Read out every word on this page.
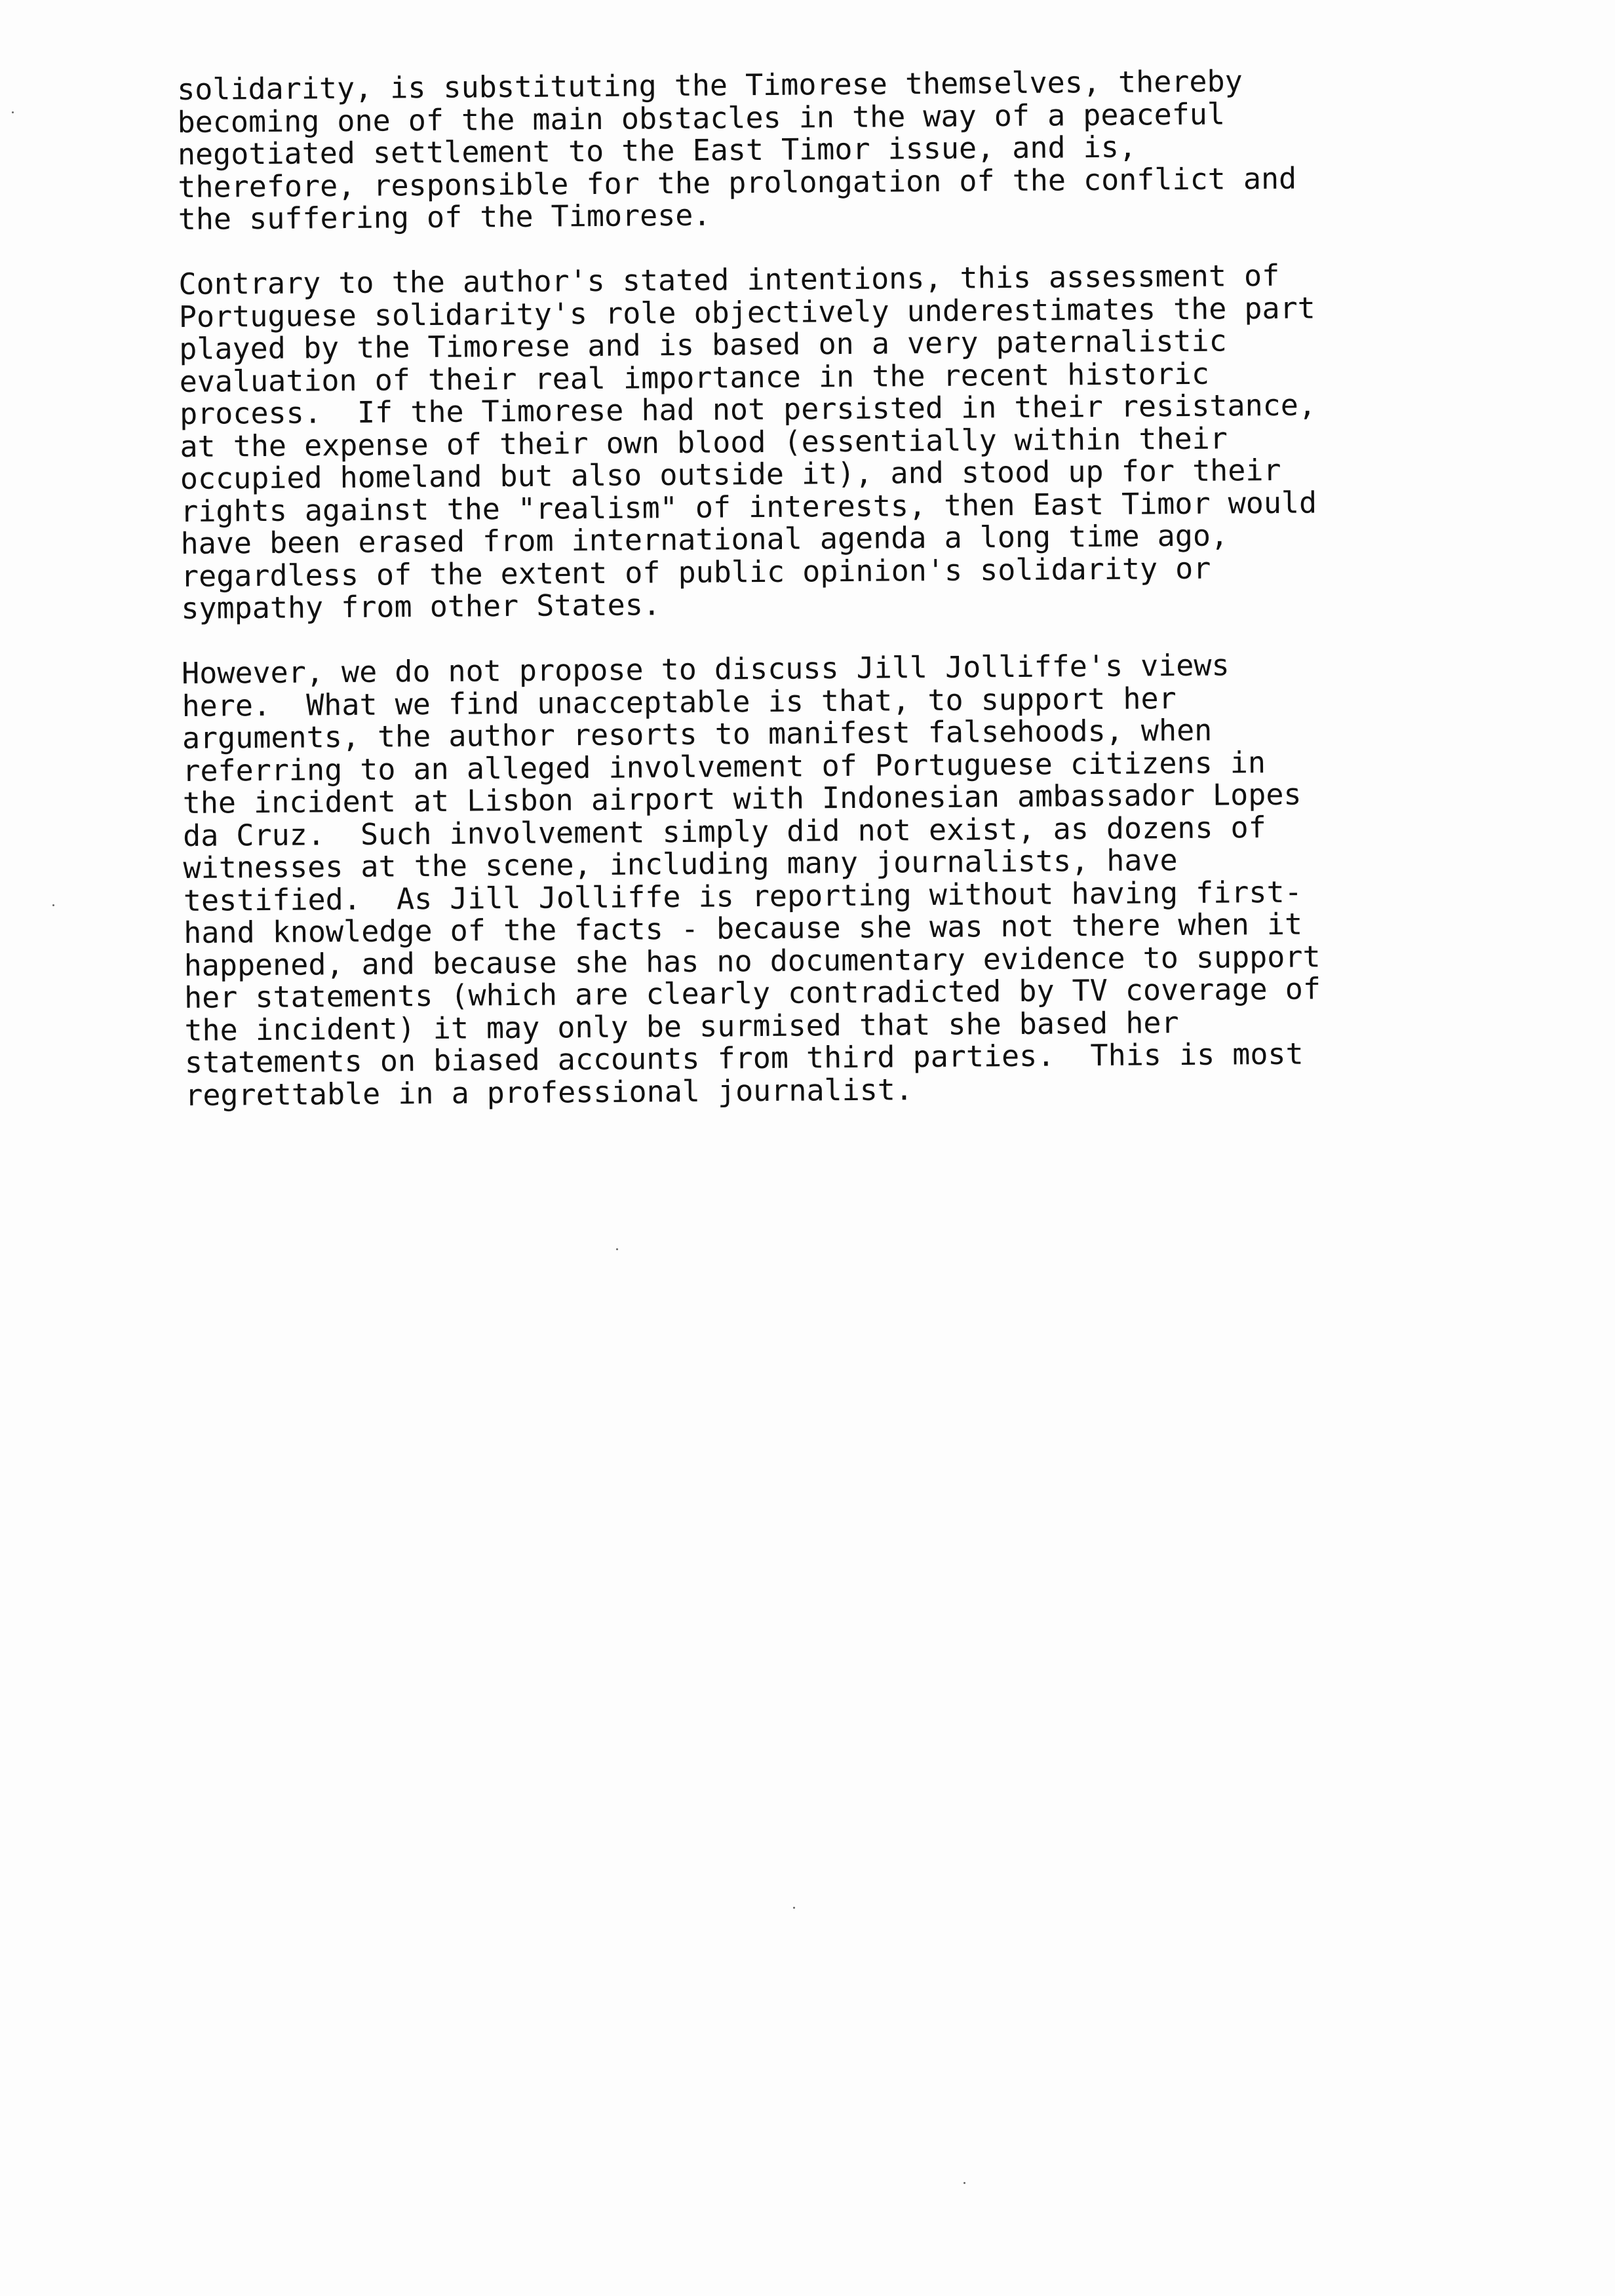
solidarity, is substituting the Timorese themselves, thereby
becoming one of the main obstacles in the way of a peaceful
negotiated settlement to the East Timor issue, and is,
therefore, responsible for the prolongation of the conflict and
the suffering of the Timorese.
Contrary to the author's stated intentions, this assessment of
Portuguese solidarity's role objectively underestimates the part
played by the Timorese and is based on a very paternalistic
evaluation of their real importance in the recent historic
process.  If the Timorese had not persisted in their resistance,
at the expense of their own blood (essentially within their
occupied homeland but also outside it), and stood up for their
rights against the "realism" of interests, then East Timor would
have been erased from international agenda a long time ago,
regardless of the extent of public opinion's solidarity or
sympathy from other States.
However, we do not propose to discuss Jill Jolliffe's views
here.  What we find unacceptable is that, to support her
arguments, the author resorts to manifest falsehoods, when
referring to an alleged involvement of Portuguese citizens in
the incident at Lisbon airport with Indonesian ambassador Lopes
da Cruz.  Such involvement simply did not exist, as dozens of
witnesses at the scene, including many journalists, have
testified.  As Jill Jolliffe is reporting without having first-
hand knowledge of the facts - because she was not there when it
happened, and because she has no documentary evidence to support
her statements (which are clearly contradicted by TV coverage of
the incident) it may only be surmised that she based her
statements on biased accounts from third parties.  This is most
regrettable in a professional journalist.
